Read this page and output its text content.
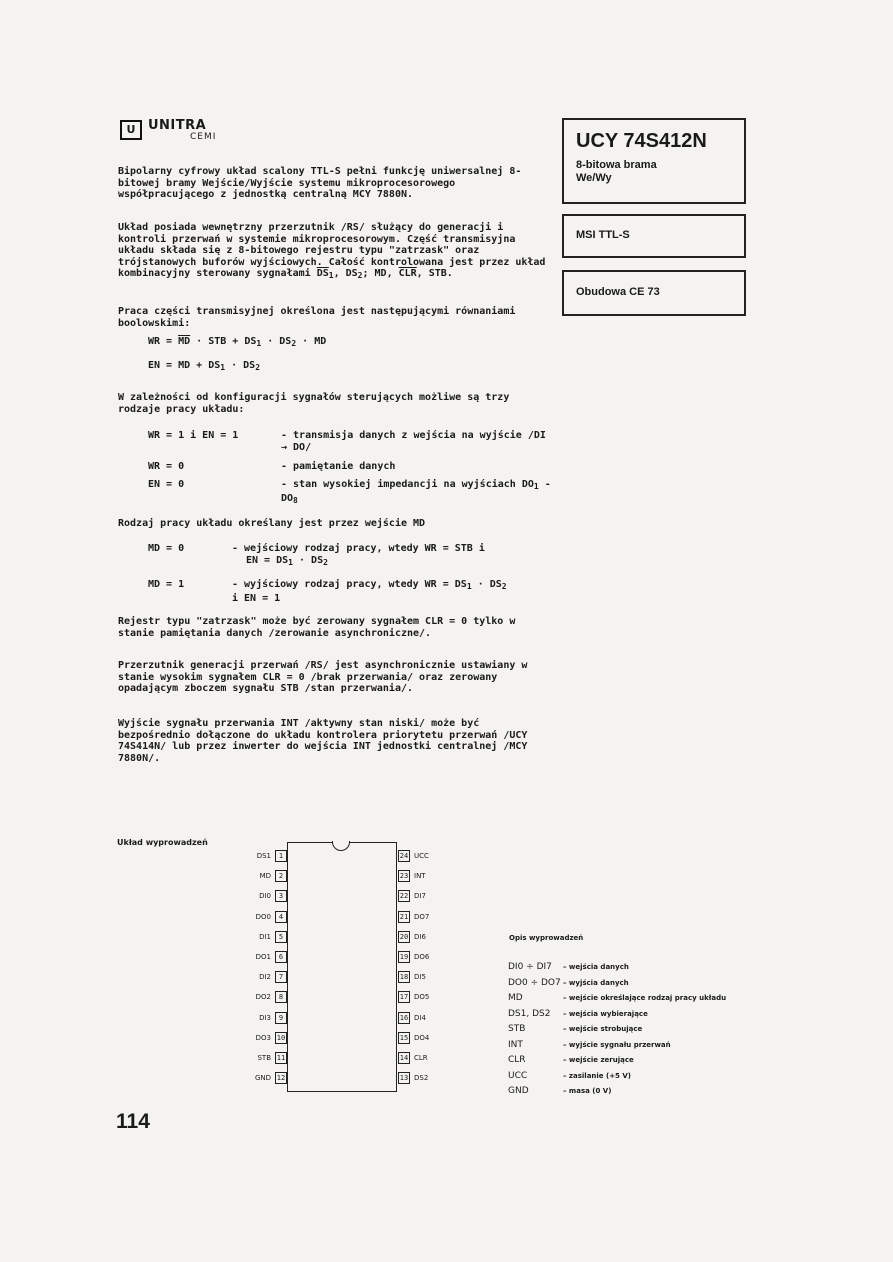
U UNITRA
CEMI	UCY 74S412N
8-bitowa brama
We/Wy
MSI TTL-S
Obudowa CE 73
Bipolarny cyfrowy układ scalony TTL-S pełni funkcję uniwersalnej 8-bitowej bramy Wejście/Wyjście systemu mikroprocesorowego współpracującego z jednostką centralną MCY 7880N.
Układ posiada wewnętrzny przerzutnik /RS/ służący do generacji i kontroli przerwań w systemie mikroprocesorowym. Część transmisyjna układu składa się z 8-bitowego rejestru typu "zatrzask" oraz trójstanowych buforów wyjściowych. Całość kontrolowana jest przez układ kombinacyjny sterowany sygnałami $\overline{DS}_1$, $DS_2$; MD, $\overline{CLR}$, STB.
Praca części transmisyjnej określona jest następującymi równaniami boolowskimi:
WR = $\overline{MD}$ · STB + $DS_1 \cdot DS_2$ · MD
EN = MD + $DS_1 \cdot DS_2$
W zależności od konfiguracji sygnałów sterujących możliwe są trzy rodzaje pracy układu:
WR = 1 i EN = 1	- transmisja danych z wejścia na wyjście /DI → DO/
WR = 0	- pamiętanie danych
EN = 0	- stan wysokiej impedancji na wyjściach $DO_1 - DO_8$
Rodzaj pracy układu określany jest przez wejście MD
MD = 0	- wejściowy rodzaj pracy, wtedy WR = STB i
EN = $DS_1 \cdot DS_2$
MD = 1	- wyjściowy rodzaj pracy, wtedy WR = $DS_1 \cdot DS_2$
i EN = 1
Rejestr typu "zatrzask" może być zerowany sygnałem CLR = 0 tylko w stanie pamiętania danych /zerowanie asynchroniczne/.
Przerzutnik generacji przerwań /RS/ jest asynchronicznie ustawiany w stanie wysokim sygnałem CLR = 0 /brak przerwania/ oraz zerowany opadającym zboczem sygnału STB /stan przerwania/.
Wyjście sygnału przerwania INT /aktywny stan niski/ może być bezpośrednio dołączone do układu kontrolera priorytetu przerwań /UCY 74S414N/ lub przez inwerter do wejścia INT jednostki centralnej /MCY 7880N/.
Układ wyprowadzeń
DS1 1
MD 2
DI0 3
DO0 4
DI1 5
DO1 6
DI2 7
DO2 8
DI3 9
DO3 10
STB 11
GND 12
24 UCC
23 INT
22 DI7
21 DO7
20 DI6
19 DO6
18 DI5
17 DO5
16 DI4
15 DO4
14 CLR
13 DS2
Opis wyprowadzeń
DI0 ÷ DI7 – wejścia danych
DO0 ÷ DO7 – wyjścia danych
MD	– wejście określające rodzaj pracy układu
DS1, DS2 – wejścia wybierające
STB	– wejście strobujące
INT	– wyjście sygnału przerwań
CLR	– wejście zerujące
UCC	– zasilanie (+5 V)
GND	– masa (0 V)
114
